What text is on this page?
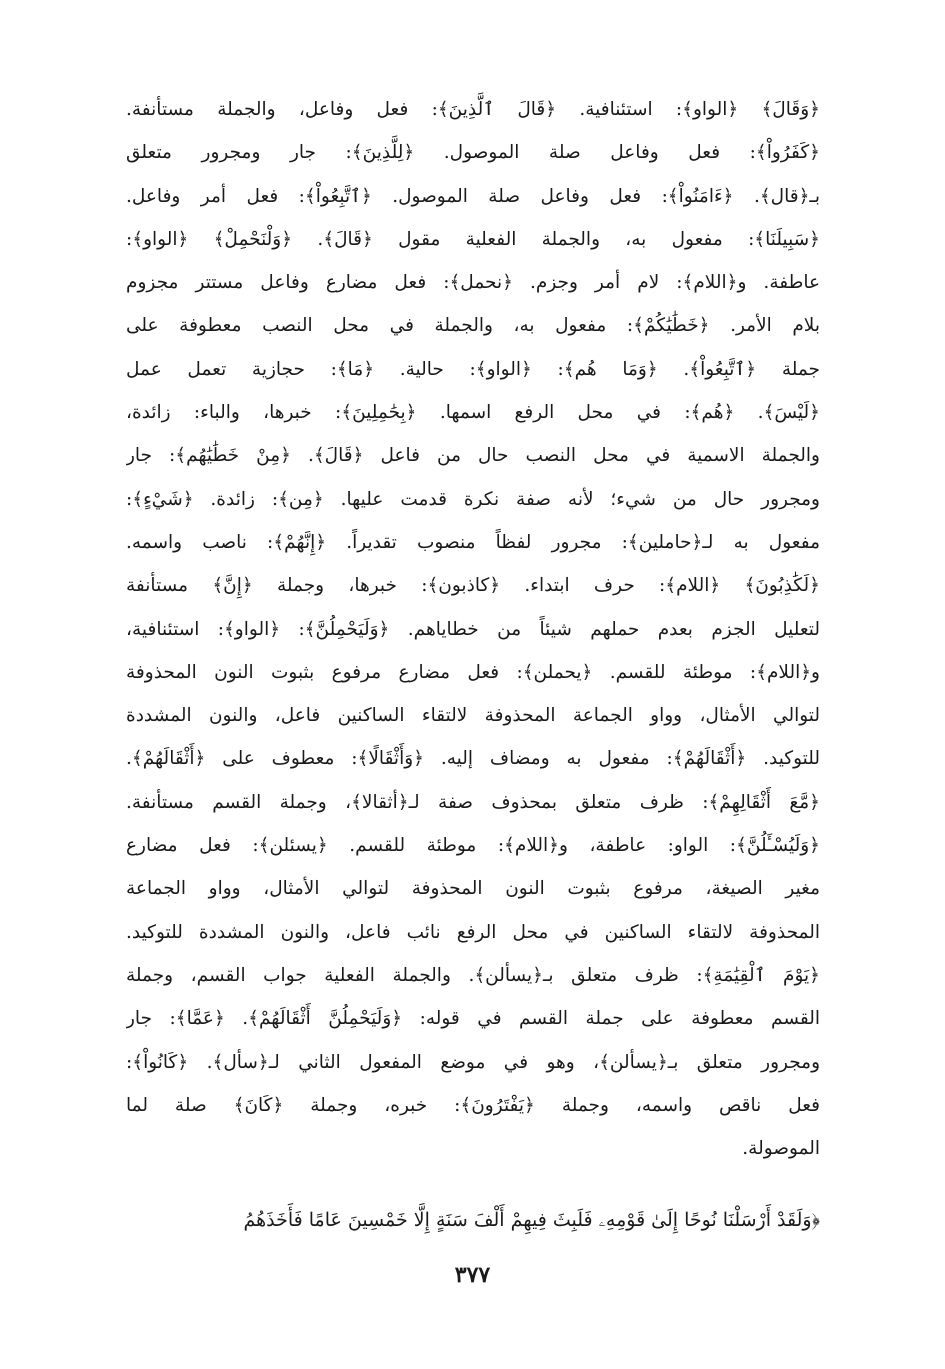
﴿وَقَالَ﴾ ﴿الواو﴾: استئنافية. ﴿قَالَ ٱلَّذِينَ﴾: فعل وفاعل، والجملة مستأنفة.
﴿كَفَرُواْ﴾: فعل وفاعل صلة الموصول. ﴿لِلَّذِينَ﴾: جار ومجرور متعلق
بـ﴿قال﴾. ﴿ءَامَنُواْ﴾: فعل وفاعل صلة الموصول. ﴿ٱتَّبِعُواْ﴾: فعل أمر وفاعل.
﴿سَبِيلَنَا﴾: مفعول به، والجملة الفعلية مقول ﴿قَالَ﴾. ﴿وَلْنَحْمِلْ﴾ ﴿الواو﴾:
عاطفة. و﴿اللام﴾: لام أمر وجزم. ﴿نحمل﴾: فعل مضارع وفاعل مستتر مجزوم
بلام الأمر. ﴿خَطَٰيَٰكُمْ﴾: مفعول به، والجملة في محل النصب معطوفة على
جملة ﴿ٱتَّبِعُواْ﴾. ﴿وَمَا هُم﴾: ﴿الواو﴾: حالية. ﴿مَا﴾: حجازية تعمل عمل
﴿لَيْسَ﴾. ﴿هُم﴾: في محل الرفع اسمها. ﴿بِحَٰمِلِينَ﴾: خبرها، والباء: زائدة،
والجملة الاسمية في محل النصب حال من فاعل ﴿قَالَ﴾. ﴿مِنْ خَطَٰيَٰهُم﴾: جار
ومجرور حال من شيء؛ لأنه صفة نكرة قدمت عليها. ﴿مِن﴾: زائدة. ﴿شَيْءٍ﴾:
مفعول به لـ﴿حاملين﴾: مجرور لفظاً منصوب تقديراً. ﴿إِنَّهُمْ﴾: ناصب واسمه.
﴿لَكَٰذِبُونَ﴾ ﴿اللام﴾: حرف ابتداء. ﴿كاذبون﴾: خبرها، وجملة ﴿إِنَّ﴾ مستأنفة
لتعليل الجزم بعدم حملهم شيئاً من خطاياهم. ﴿وَلَيَحْمِلُنَّ﴾: ﴿الواو﴾: استئنافية،
و﴿اللام﴾: موطئة للقسم. ﴿يحملن﴾: فعل مضارع مرفوع بثبوت النون المحذوفة
لتوالي الأمثال، وواو الجماعة المحذوفة لالتقاء الساكنين فاعل، والنون المشددة
للتوكيد. ﴿أَثْقَالَهُمْ﴾: مفعول به ومضاف إليه. ﴿وَأَثْقَالًا﴾: معطوف على ﴿أَثْقَالَهُمْ﴾.
﴿مَّعَ أَثْقَالِهِمْ﴾: ظرف متعلق بمحذوف صفة لـ﴿أثقالا﴾، وجملة القسم مستأنفة.
﴿وَلَيُسْـَٔلُنَّ﴾: الواو: عاطفة، و﴿اللام﴾: موطئة للقسم. ﴿يسئلن﴾: فعل مضارع
مغير الصيغة، مرفوع بثبوت النون المحذوفة لتوالي الأمثال، وواو الجماعة
المحذوفة لالتقاء الساكنين في محل الرفع نائب فاعل، والنون المشددة للتوكيد.
﴿يَوْمَ ٱلْقِيَٰمَةِ﴾: ظرف متعلق بـ﴿يسألن﴾. والجملة الفعلية جواب القسم، وجملة
القسم معطوفة على جملة القسم في قوله: ﴿وَلَيَحْمِلُنَّ أَثْقَالَهُمْ﴾. ﴿عَمَّا﴾: جار
ومجرور متعلق بـ﴿يسألن﴾، وهو في موضع المفعول الثاني لـ﴿سأل﴾. ﴿كَانُواْ﴾:
فعل ناقص واسمه، وجملة ﴿يَفْتَرُونَ﴾: خبره، وجملة ﴿كَانَ﴾ صلة لما
الموصولة.
﴿وَلَقَدْ أَرْسَلْنَا نُوحًا إِلَىٰ قَوْمِهِۦ فَلَبِثَ فِيهِمْ أَلْفَ سَنَةٍ إِلَّا خَمْسِينَ عَامًا فَأَخَذَهُمُ
٣٧٧
